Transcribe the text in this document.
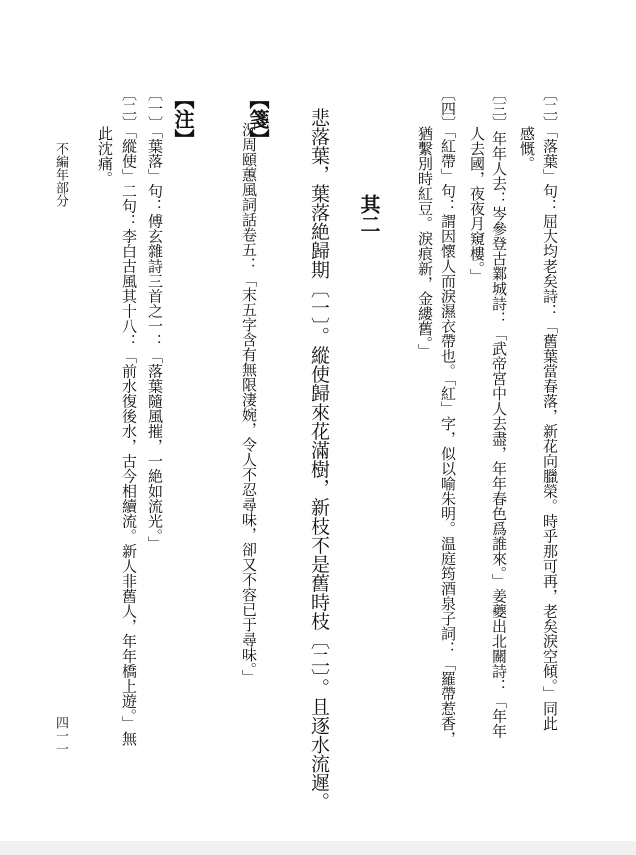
〔二〕「落葉」句：屈大均老矣詩：「舊葉當春落，新花向臘榮。時乎那可再，老矣淚空傾。」同此
感慨。
〔三〕年年人去：岑參登古鄴城詩：「武帝宮中人去盡，年年春色爲誰來。」姜夔出北關詩：「年年
人去國，夜夜月窺樓。」
〔四〕「紅帶」句：謂因懷人而淚濕衣帶也。「紅」字，似以喻朱明。温庭筠酒泉子詞：「羅帶惹香，
猶繫別時紅豆。淚痕新，金縷舊。」
其二
悲落葉，葉落絶歸期〔一〕。縱使歸來花滿樹，新枝不是舊時枝〔二〕。且逐水流遲。
【箋】
況周頤蕙風詞話卷五：「末五字含有無限淒婉，令人不忍尋味，卻又不容已于尋味。」
【注】
〔一〕「葉落」句：傅玄雜詩三首之一：「落葉隨風摧，一絶如流光。」
〔二〕「縱使」二句：李白古風其十八：「前水復後水，古今相續流。新人非舊人，年年橋上遊。」無
此沈痛。
不編年部分
四一一
